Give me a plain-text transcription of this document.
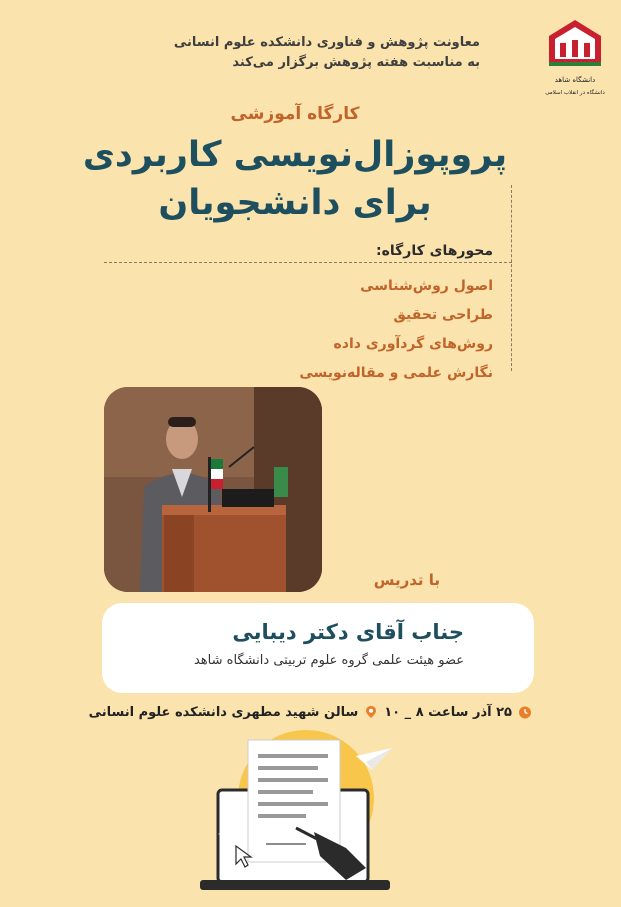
معاونت پژوهش و فناوری دانشکده علوم انسانی
به مناسبت هفته پژوهش برگزار می‌کند
دانشگاه شاهد
دانشگاه در انقلاب اسلامی
کارگاه آموزشی
پروپوزال‌نویسی کاربردی
برای دانشجویان
محورهای کارگاه:
اصول روش‌شناسی
طراحی تحقیق
روش‌های گردآوری داده
نگارش علمی و مقاله‌نویسی
با تدریس
جناب آقای دکتر دیبایی
عضو هیئت علمی گروه علوم تربیتی دانشگاه شاهد
۲۵ آذر ساعت ۸ _ ۱۰
سالن شهید مطهری دانشکده علوم انسانی
